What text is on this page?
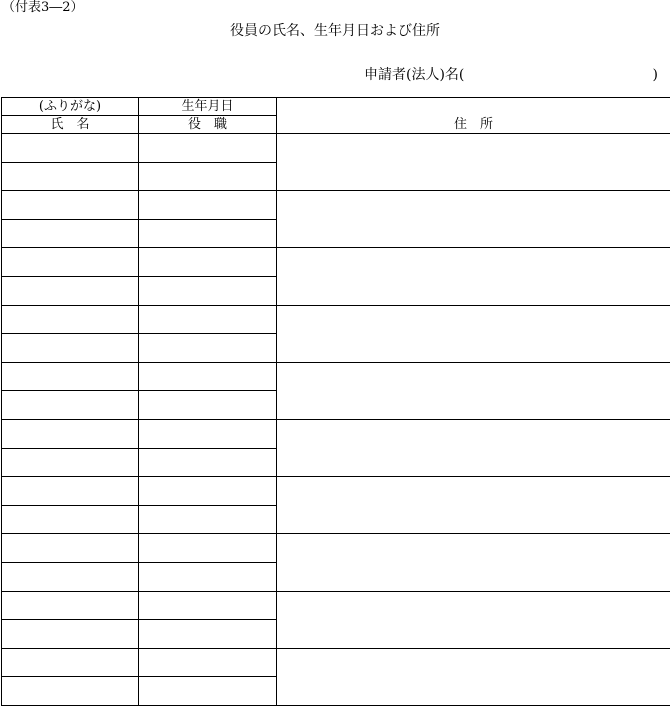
（付表3―2）
役員の氏名、生年月日および住所
申請者(法人)名(	)
(ふりがな)	生年月日	住　所
氏　名	役　職	
